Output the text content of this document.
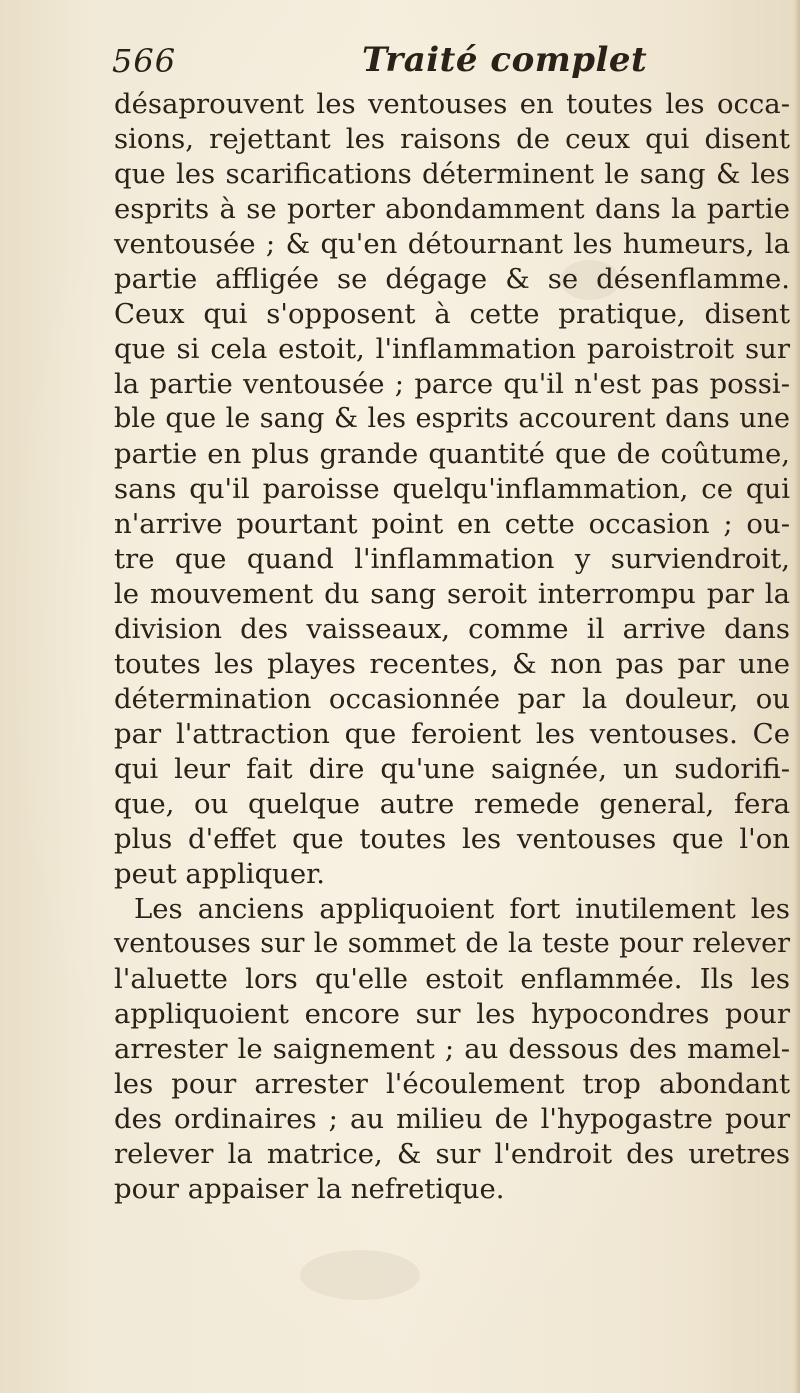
566	Traité complet
désaprouvent les ventouses en toutes les occa-
sions, rejettant les raisons de ceux qui disent
que les scarifications déterminent le sang & les
esprits à se porter abondamment dans la partie
ventousée ; & qu'en détournant les humeurs, la
partie affligée se dégage & se désenflamme.
Ceux qui s'opposent à cette pratique, disent
que si cela estoit, l'inflammation paroistroit sur
la partie ventousée ; parce qu'il n'est pas possi-
ble que le sang & les esprits accourent dans une
partie en plus grande quantité que de coûtume,
sans qu'il paroisse quelqu'inflammation, ce qui
n'arrive pourtant point en cette occasion ; ou-
tre que quand l'inflammation y surviendroit,
le mouvement du sang seroit interrompu par la
division des vaisseaux, comme il arrive dans
toutes les playes recentes, & non pas par une
détermination occasionnée par la douleur, ou
par l'attraction que feroient les ventouses. Ce
qui leur fait dire qu'une saignée, un sudorifi-
que, ou quelque autre remede general, fera
plus d'effet que toutes les ventouses que l'on
peut appliquer.
Les anciens appliquoient fort inutilement les
ventouses sur le sommet de la teste pour relever
l'aluette lors qu'elle estoit enflammée. Ils les
appliquoient encore sur les hypocondres pour
arrester le saignement ; au dessous des mamel-
les pour arrester l'écoulement trop abondant
des ordinaires ; au milieu de l'hypogastre pour
relever la matrice, & sur l'endroit des uretres
pour appaiser la nefretique.
